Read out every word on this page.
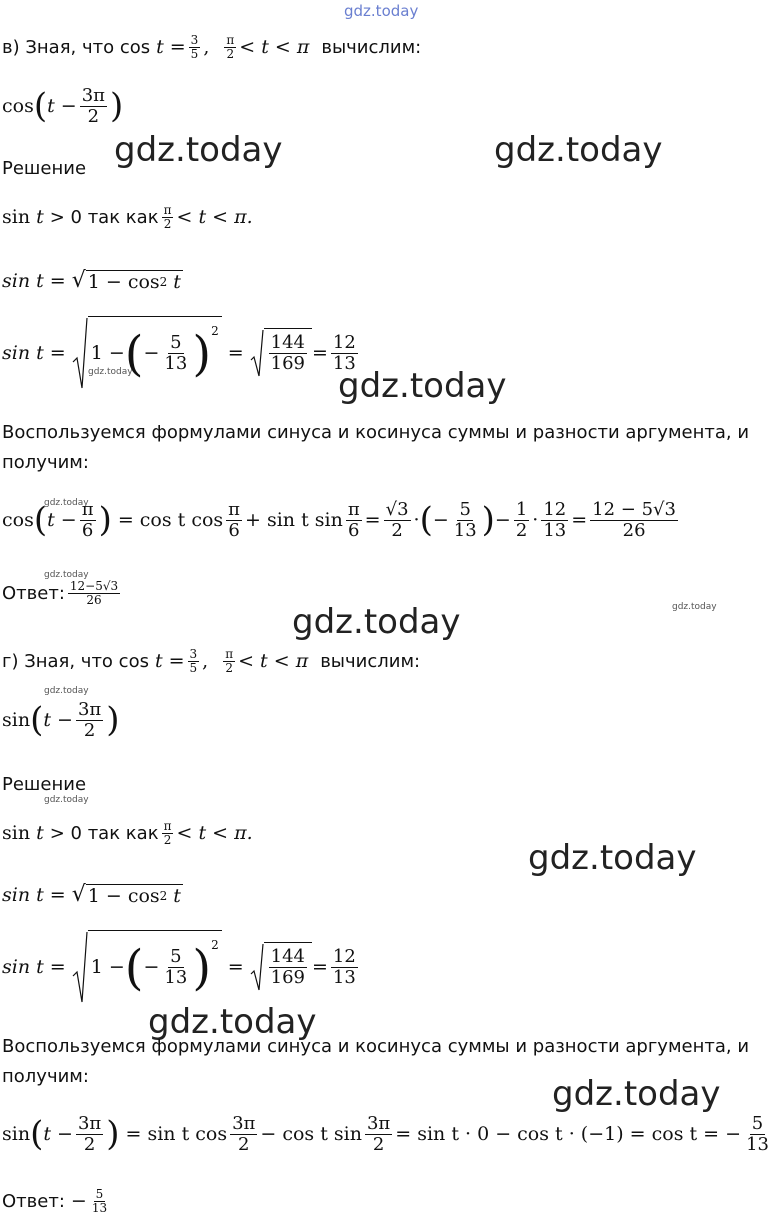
gdz.today
gdz.today	gdz.today
gdz.today	gdz.today
gdz.today
gdz.today
gdz.today	gdz.today
gdz.today
gdz.today
gdz.today
gdz.today
gdz.today
в) Зная, что $\cos t = \frac{3}{5}$ , $\frac{\pi}{2} < t < \pi$ вычислим:
cos ( $t - \frac{3\pi}{2}$ )
Решение
sin t > 0 так как $\frac{\pi}{2} < t < \pi$.
sin t = √ 1 − cos 2 t
sin t = 1 − ( − $\frac{5}{13}$ ) 2
= $\frac{144}{169} = \frac{12}{13}$
Воспользуемся формулами синуса и косинуса суммы и разности аргумента, и
получим:
cos ( $t - \frac{\pi}{6}$ ) = cos t $\cos \frac{\pi}{6} + \sin t$ $\sin \frac{\pi}{6} = \frac{√3}{2}$ · ( − $\frac{5}{13}$ ) − $\frac{1}{2} \cdot \frac{12}{13} = \frac{12 - 5√3}{26}$
Ответ: $\frac{12-5√3}{26}$
г) Зная, что $\cos t = \frac{3}{5}$ , $\frac{\pi}{2} < t < \pi$ вычислим:
sin ( $t - \frac{3\pi}{2}$ )
Решение
sin t > 0 так как $\frac{\pi}{2} < t < \pi$.
sin t = √ 1 − cos 2 t
sin t = 1 − ( − $\frac{5}{13}$ ) 2
= $\frac{144}{169} = \frac{12}{13}$
Воспользуемся формулами синуса и косинуса суммы и разности аргумента, и
получим:
sin ( $t - \frac{3\pi}{2}$ ) = sin t $\cos \frac{3\pi}{2} - \cos t$ $\sin \frac{3\pi}{2} = \sin t \cdot 0 - \cos t \cdot (-1) = \cos t$ = − $\frac{5}{13}$
Ответ: − $\frac{5}{13}$
